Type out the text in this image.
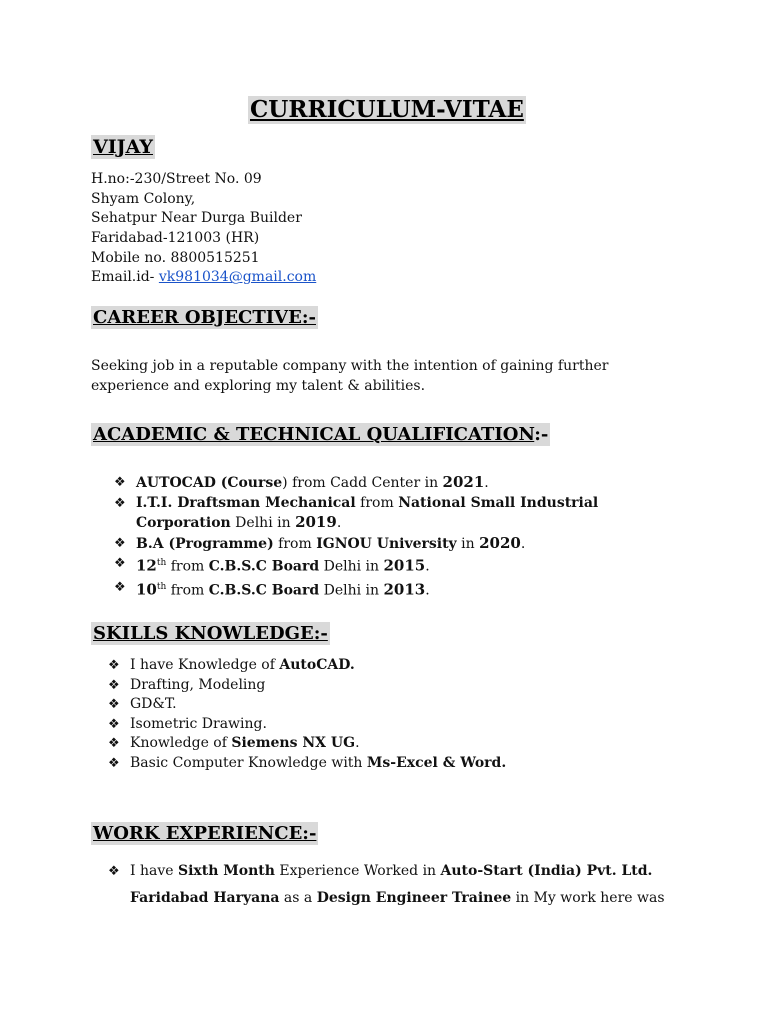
CURRICULUM-VITAE
VIJAY
H.no:-230/Street No. 09
Shyam Colony,
Sehatpur Near Durga Builder
Faridabad-121003 (HR)
Mobile no. 8800515251
Email.id- vk981034@gmail.com
CAREER OBJECTIVE:-
Seeking job in a reputable company with the intention of gaining further
experience and exploring my talent & abilities.
ACADEMIC & TECHNICAL QUALIFICATION:-
❖ AUTOCAD (Course) from Cadd Center in 2021.
❖ I.T.I. Draftsman Mechanical from National Small Industrial
Corporation Delhi in 2019.
❖ B.A (Programme) from IGNOU University in 2020.
❖ 12th from C.B.S.C Board Delhi in 2015.
❖ 10th from C.B.S.C Board Delhi in 2013.
SKILLS KNOWLEDGE:-
❖ I have Knowledge of AutoCAD.
❖ Drafting, Modeling
❖ GD&T.
❖ Isometric Drawing.
❖ Knowledge of Siemens NX UG.
❖ Basic Computer Knowledge with Ms-Excel & Word.
WORK EXPERIENCE:-
❖ I have Sixth Month Experience Worked in Auto-Start (India) Pvt. Ltd.
Faridabad Haryana as a Design Engineer Trainee in My work here was
